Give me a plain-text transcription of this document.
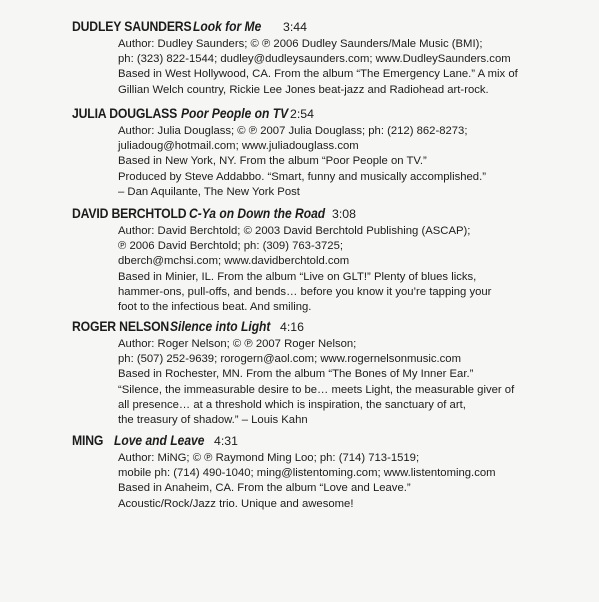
DUDLEY SAUNDERS Look for Me 3:44
Author: Dudley Saunders; © ℗ 2006 Dudley Saunders/Male Music (BMI);
ph: (323) 822-1544; dudley@dudleysaunders.com; www.DudleySaunders.com
Based in West Hollywood, CA. From the album “The Emergency Lane.” A mix of
Gillian Welch country, Rickie Lee Jones beat-jazz and Radiohead art-rock.
JULIA DOUGLASS Poor People on TV 2:54
Author: Julia Douglass; © ℗ 2007 Julia Douglass; ph: (212) 862-8273;
juliadoug@hotmail.com; www.juliadouglass.com
Based in New York, NY. From the album “Poor People on TV.”
Produced by Steve Addabbo. “Smart, funny and musically accomplished.”
– Dan Aquilante, The New York Post
DAVID BERCHTOLD C-Ya on Down the Road 3:08
Author: David Berchtold; © 2003 David Berchtold Publishing (ASCAP);
℗ 2006 David Berchtold; ph: (309) 763-3725;
dberch@mchsi.com; www.davidberchtold.com
Based in Minier, IL. From the album “Live on GLT!” Plenty of blues licks,
hammer-ons, pull-offs, and bends… before you know it you’re tapping your
foot to the infectious beat. And smiling.
ROGER NELSON Silence into Light 4:16
Author: Roger Nelson; © ℗ 2007 Roger Nelson;
ph: (507) 252-9639; rorogern@aol.com; www.rogernelsonmusic.com
Based in Rochester, MN. From the album “The Bones of My Inner Ear.”
“Silence, the immeasurable desire to be… meets Light, the measurable giver of
all presence… at a threshold which is inspiration, the sanctuary of art,
the treasury of shadow.” – Louis Kahn
MING Love and Leave 4:31
Author: MiNG; © ℗ Raymond Ming Loo; ph: (714) 713-1519;
mobile ph: (714) 490-1040; ming@listentoming.com; www.listentoming.com
Based in Anaheim, CA. From the album “Love and Leave.”
Acoustic/Rock/Jazz trio. Unique and awesome!
